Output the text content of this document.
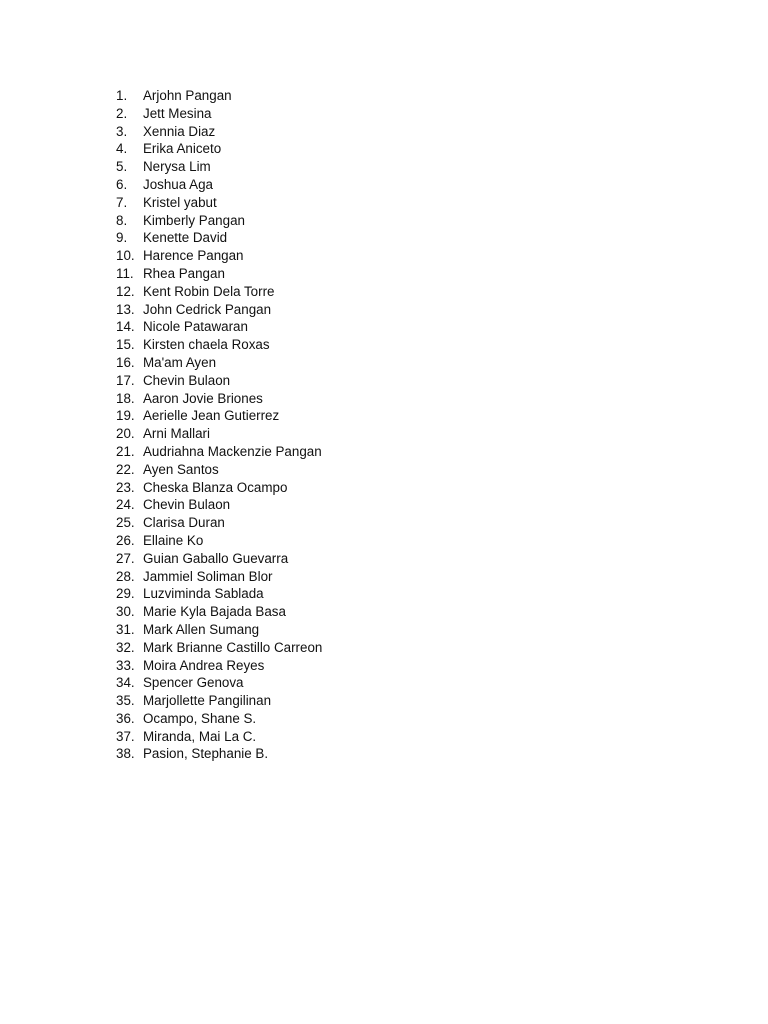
1.	Arjohn Pangan
2.	Jett Mesina
3.	Xennia Diaz
4.	Erika Aniceto
5.	Nerysa Lim
6.	Joshua Aga
7.	Kristel yabut
8.	Kimberly Pangan
9.	Kenette David
10. Harence Pangan
11. Rhea Pangan
12. Kent Robin Dela Torre
13. John Cedrick Pangan
14. Nicole Patawaran
15. Kirsten chaela Roxas
16. Ma'am Ayen
17. Chevin Bulaon
18. Aaron Jovie Briones
19. Aerielle Jean Gutierrez
20. Arni Mallari
21. Audriahna Mackenzie Pangan
22. Ayen Santos
23. Cheska Blanza Ocampo
24. Chevin Bulaon
25. Clarisa Duran
26. Ellaine Ko
27. Guian Gaballo Guevarra
28. Jammiel Soliman Blor
29. Luzviminda Sablada
30. Marie Kyla Bajada Basa
31. Mark Allen Sumang
32. Mark Brianne Castillo Carreon
33. Moira Andrea Reyes
34. Spencer Genova
35. Marjollette Pangilinan
36. Ocampo, Shane S.
37. Miranda, Mai La C.
38. Pasion, Stephanie B.
